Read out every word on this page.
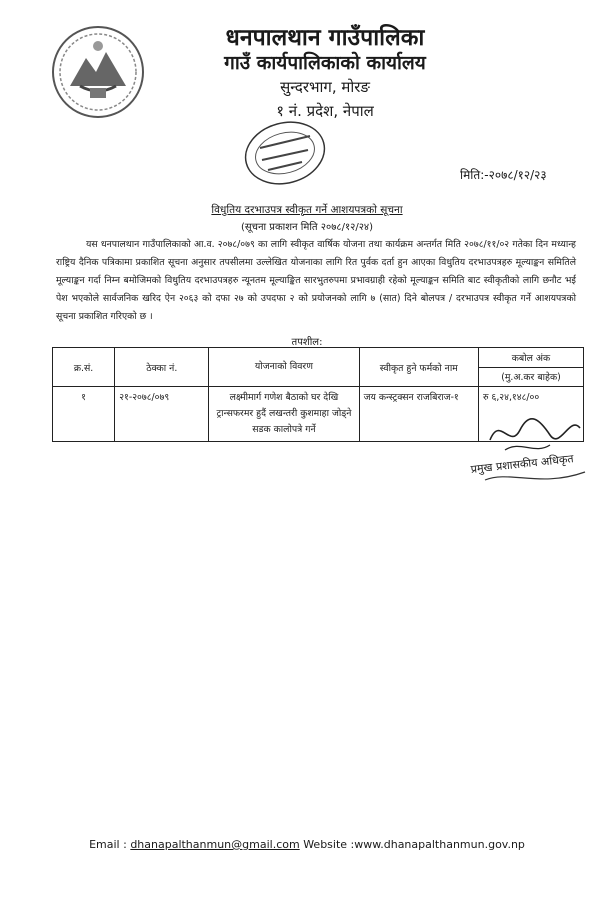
धनपालथान गाउँपालिका
गाउँ कार्यपालिकाको कार्यालय
सुन्दरभाग, मोरङ
१ नं. प्रदेश, नेपाल
मिति:-२०७८/१२/२३
विधुतिय दरभाउपत्र स्वीकृत गर्ने आशयपत्रको सूचना
(सूचना प्रकाशन मिति २०७८/१२/२४)
यस धनपालथान गाउँपालिकाको आ.व. २०७८/०७९ का लागि स्वीकृत वार्षिक योजना तथा कार्यक्रम अन्तर्गत मिति २०७८/११/०२ गतेका दिन मध्यान्ह राष्ट्रिय दैनिक पत्रिकामा प्रकाशित सूचना अनुसार तपसीलमा उल्लेखित योजनाका लागि रित पुर्वक दर्ता हुन आएका विधुतिय दरभाउपत्रहरु मूल्याङ्कन समितिले मूल्याङ्कन गर्दा निम्न बमोजिमको विधुतिय दरभाउपत्रहरु न्यूनतम मूल्याङ्कित सारभुतरुपमा प्रभावग्राही रहेको मूल्याङ्कन समिति बाट स्वीकृतीको लागि छनौट भई पेश भएकोले सार्वजनिक खरिद ऐन २०६३ को दफा २७ को उपदफा २ को प्रयोजनको लागि ७ (सात) दिने बोलपत्र / दरभाउपत्र स्वीकृत गर्ने आशयपत्रको सूचना प्रकाशित गरिएको छ ।
तपशील:
क्र.सं.	ठेक्का नं.	योजनाको विवरण	स्वीकृत हुने फर्मको नाम	कबोल अंक
(मु.अ.कर बाहेक)

१	२१-२०७८/०७९	लक्ष्मीमार्ग गणेश बैठाको घर देखि ट्रान्सफरमर हुदैं लखन्तरी कुशमाहा जोड्ने सडक कालोपत्रे गर्ने	जय कन्स्ट्रक्सन राजबिराज-१	रु ६,२४,१४८/००
प्रमुख प्रशासकीय अधिकृत
Email : dhanapalthanmun@gmail.com Website :www.dhanapalthanmun.gov.np
